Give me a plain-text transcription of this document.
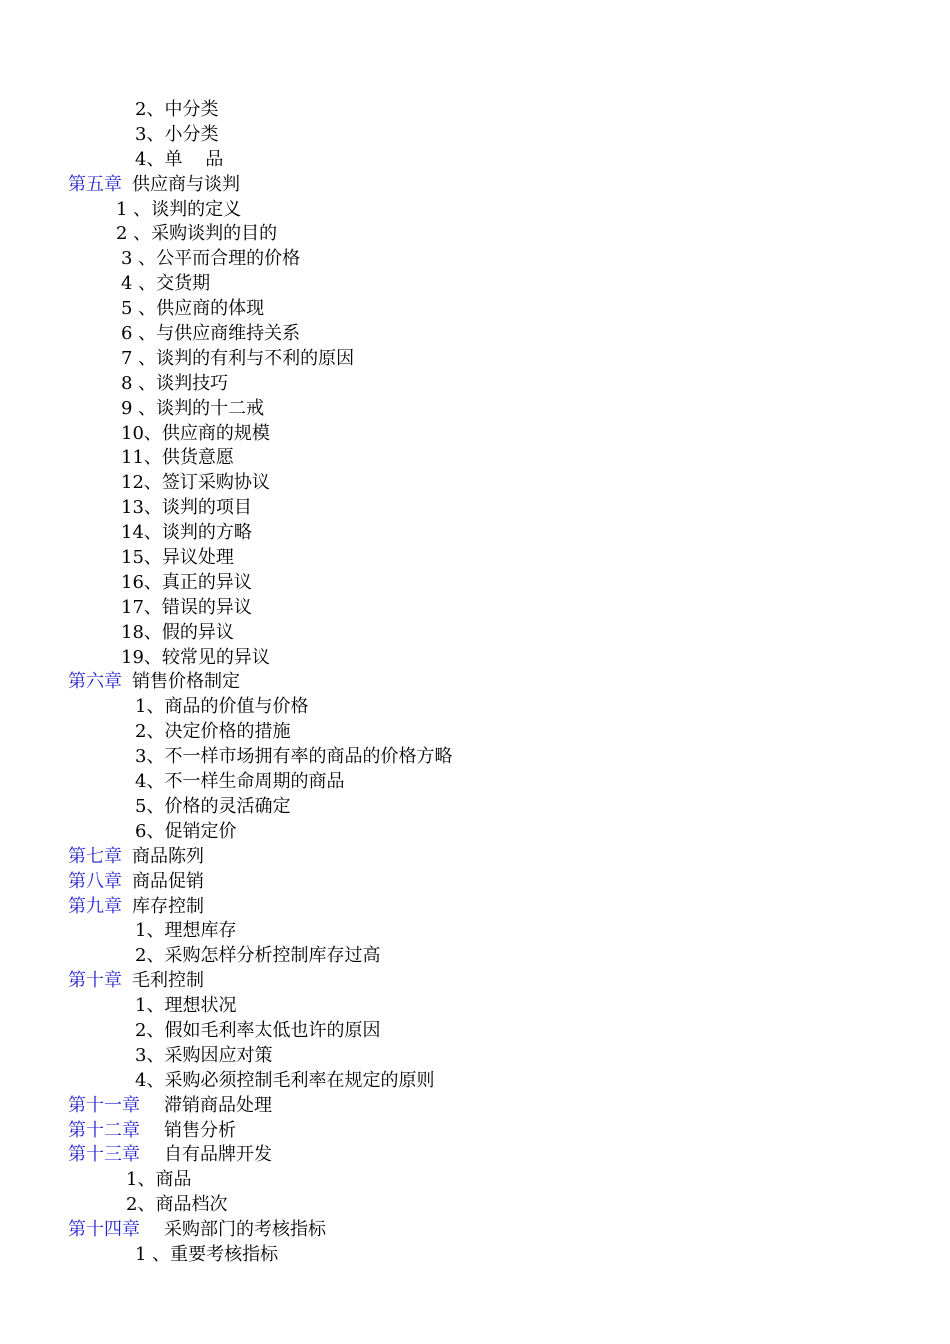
2、中分类
3、小分类
4、单    品
第五章 供应商与谈判
1 、谈判的定义
2 、采购谈判的目的
3 、公平而合理的价格
4 、交货期
5 、供应商的体现
6 、与供应商维持关系
7 、谈判的有利与不利的原因
8 、谈判技巧
9 、谈判的十二戒
10、供应商的规模
11、供货意愿
12、签订采购协议
13、谈判的项目
14、谈判的方略
15、异议处理
16、真正的异议
17、错误的异议
18、假的异议
19、较常见的异议
第六章 销售价格制定
1、商品的价值与价格
2、决定价格的措施
3、不一样市场拥有率的商品的价格方略
4、不一样生命周期的商品
5、价格的灵活确定
6、促销定价
第七章 商品陈列
第八章 商品促销
第九章 库存控制
1、理想库存
2、采购怎样分析控制库存过高
第十章 毛利控制
1、理想状况
2、假如毛利率太低也许的原因
3、采购因应对策
4、采购必须控制毛利率在规定的原则
第十一章 滞销商品处理
第十二章 销售分析
第十三章 自有品牌开发
1、商品
2、商品档次
第十四章 采购部门的考核指标
1 、重要考核指标
